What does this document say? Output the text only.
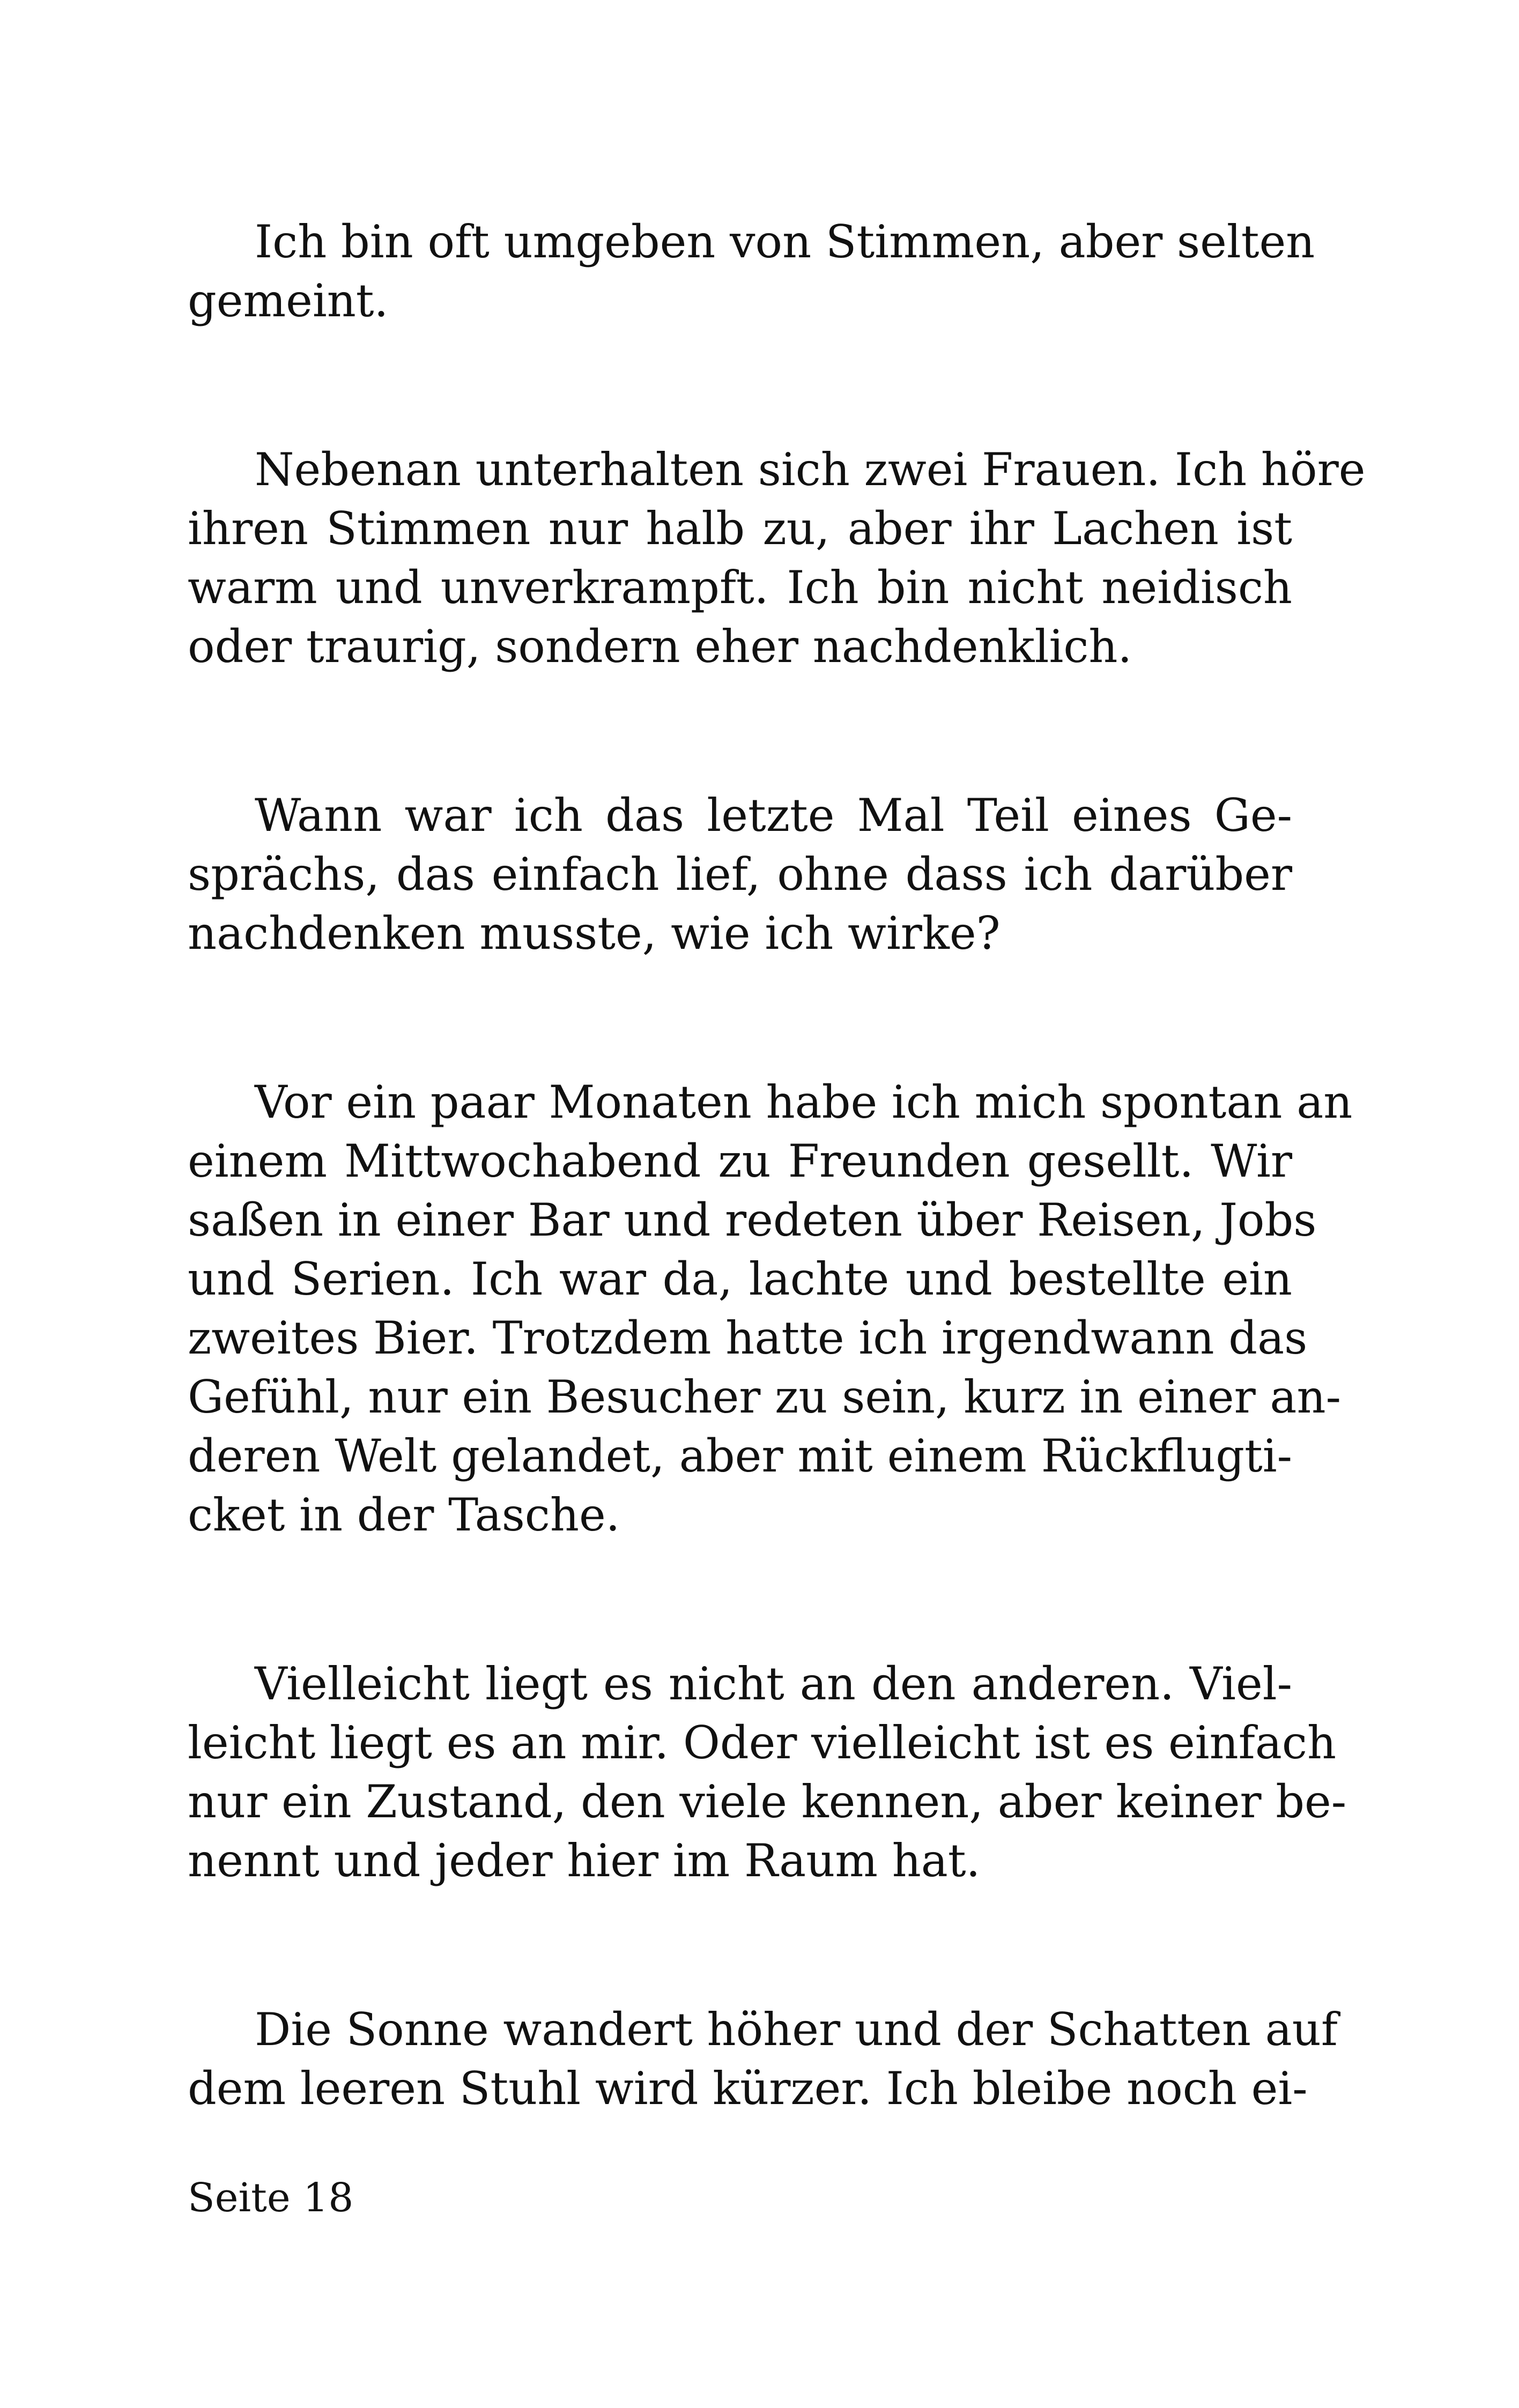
Ich bin oft umgeben von Stimmen, aber selten
gemeint.
Nebenan unterhalten sich zwei Frauen. Ich höre
ihren Stimmen nur halb zu, aber ihr Lachen ist
warm und unverkrampft. Ich bin nicht neidisch
oder traurig, sondern eher nachdenklich.
Wann war ich das letzte Mal Teil eines Ge-
sprächs, das einfach lief, ohne dass ich darüber
nachdenken musste, wie ich wirke?
Vor ein paar Monaten habe ich mich spontan an
einem Mittwochabend zu Freunden gesellt. Wir
saßen in einer Bar und redeten über Reisen, Jobs
und Serien. Ich war da, lachte und bestellte ein
zweites Bier. Trotzdem hatte ich irgendwann das
Gefühl, nur ein Besucher zu sein, kurz in einer an-
deren Welt gelandet, aber mit einem Rückflugti-
cket in der Tasche.
Vielleicht liegt es nicht an den anderen. Viel-
leicht liegt es an mir. Oder vielleicht ist es einfach
nur ein Zustand, den viele kennen, aber keiner be-
nennt und jeder hier im Raum hat.
Die Sonne wandert höher und der Schatten auf
dem leeren Stuhl wird kürzer. Ich bleibe noch ei-
Seite 18
